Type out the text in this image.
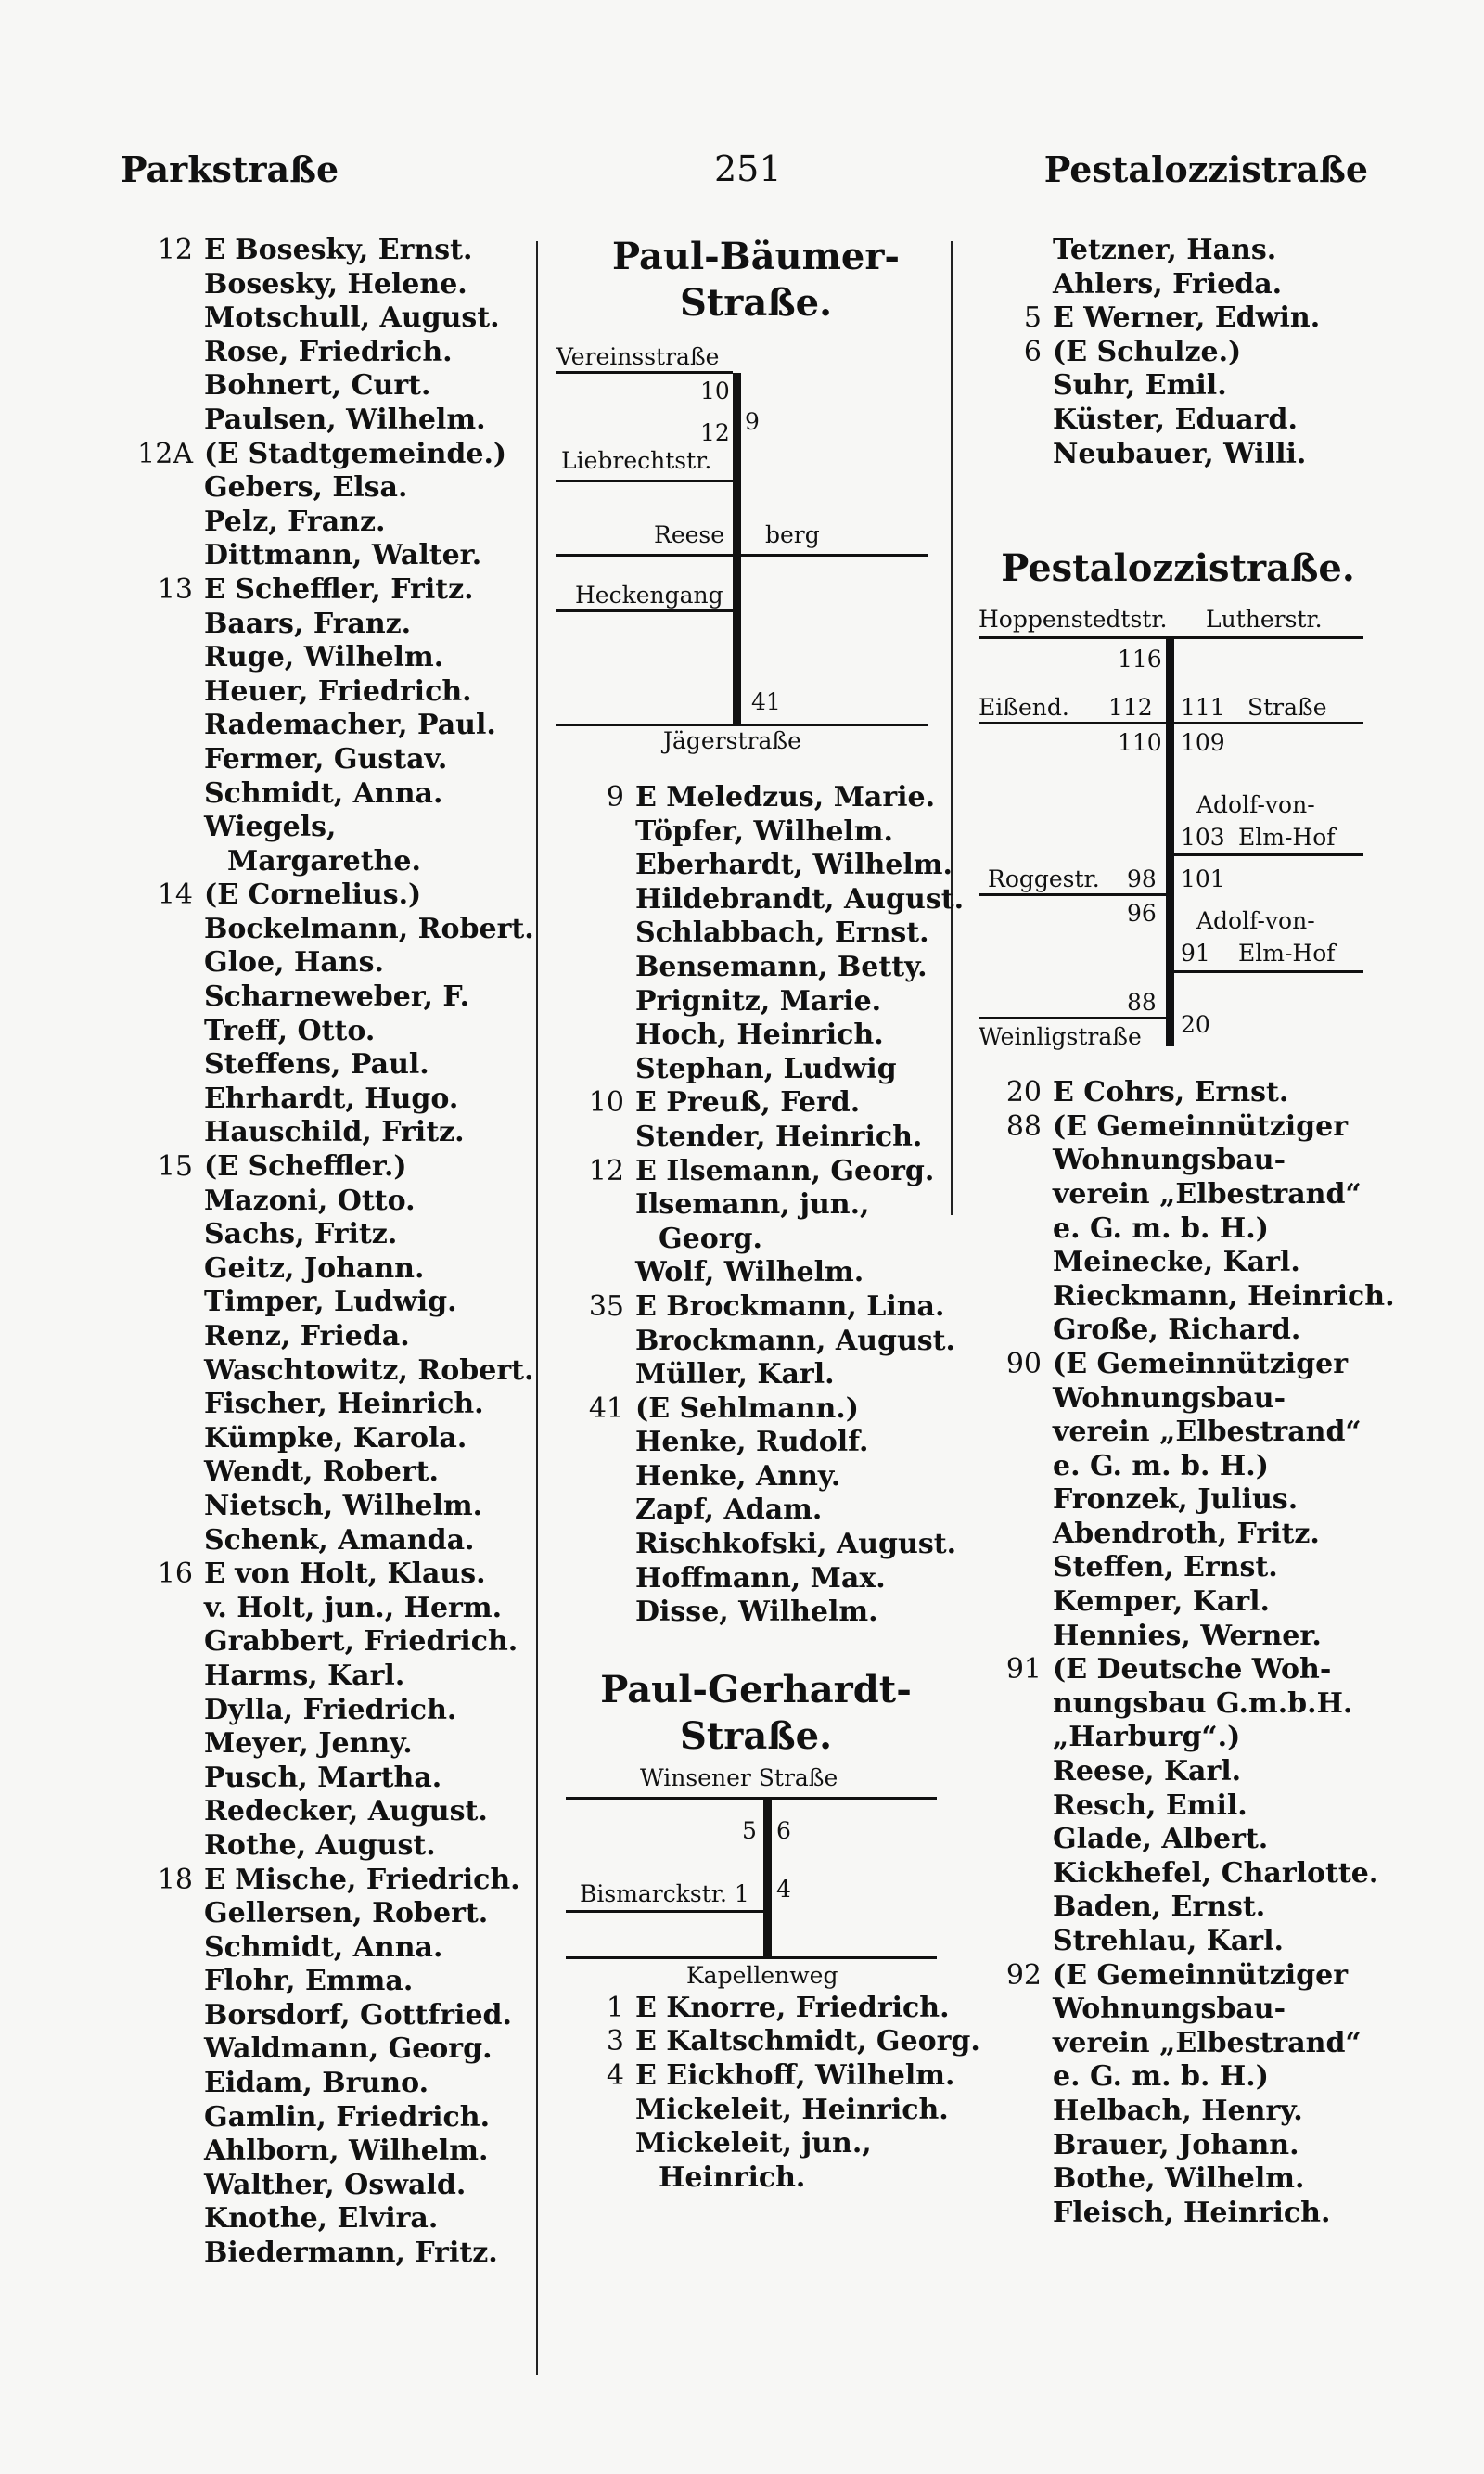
Parkstraße	251	Pestalozzistraße
12 E Bosesky, Ernst.
Bosesky, Helene.
Motschull, August.
Rose, Friedrich.
Bohnert, Curt.
Paulsen, Wilhelm.
12A (E Stadtgemeinde.)
Gebers, Elsa.
Pelz, Franz.
Dittmann, Walter.
13 E Scheffler, Fritz.
Baars, Franz.
Ruge, Wilhelm.
Heuer, Friedrich.
Rademacher, Paul.
Fermer, Gustav.
Schmidt, Anna.
Wiegels,
Margarethe.
14 (E Cornelius.)
Bockelmann, Robert.
Gloe, Hans.
Scharneweber, F.
Treff, Otto.
Steffens, Paul.
Ehrhardt, Hugo.
Hauschild, Fritz.
15 (E Scheffler.)
Mazoni, Otto.
Sachs, Fritz.
Geitz, Johann.
Timper, Ludwig.
Renz, Frieda.
Waschtowitz, Robert.
Fischer, Heinrich.
Kümpke, Karola.
Wendt, Robert.
Nietsch, Wilhelm.
Schenk, Amanda.
16 E von Holt, Klaus.
v. Holt, jun., Herm.
Grabbert, Friedrich.
Harms, Karl.
Dylla, Friedrich.
Meyer, Jenny.
Pusch, Martha.
Redecker, August.
Rothe, August.
18 E Mische, Friedrich.
Gellersen, Robert.
Schmidt, Anna.
Flohr, Emma.
Borsdorf, Gottfried.
Waldmann, Georg.
Eidam, Bruno.
Gamlin, Friedrich.
Ahlborn, Wilhelm.
Walther, Oswald.
Knothe, Elvira.
Biedermann, Fritz.
Paul-Bäumer-
Straße.
Vereinsstraße
10
9
12
Liebrechtstr.
Reese berg
Heckengang
41
Jägerstraße
9 E Meledzus, Marie.
Töpfer, Wilhelm.
Eberhardt, Wilhelm.
Hildebrandt, August.
Schlabbach, Ernst.
Bensemann, Betty.
Prignitz, Marie.
Hoch, Heinrich.
Stephan, Ludwig
10 E Preuß, Ferd.
Stender, Heinrich.
12 E Ilsemann, Georg.
Ilsemann, jun.,
Georg.
Wolf, Wilhelm.
35 E Brockmann, Lina.
Brockmann, August.
Müller, Karl.
41 (E Sehlmann.)
Henke, Rudolf.
Henke, Anny.
Zapf, Adam.
Rischkofski, August.
Hoffmann, Max.
Disse, Wilhelm.
Paul-Gerhardt-
Straße.
Winsener Straße
5 6
Bismarckstr. 1 4
Kapellenweg
1 E Knorre, Friedrich.
3 E Kaltschmidt, Georg.
4 E Eickhoff, Wilhelm.
Mickeleit, Heinrich.
Mickeleit, jun.,
Heinrich.
Tetzner, Hans.
Ahlers, Frieda.
5 E Werner, Edwin.
6 (E Schulze.)
Suhr, Emil.
Küster, Eduard.
Neubauer, Willi.
Pestalozzistraße.
Hoppenstedtstr. Lutherstr.
116
Eißend. 112 111 Straße
110 109
Adolf-von-
103 Elm-Hof
Roggestr. 98 101
96 Adolf-von-
91 Elm-Hof
88
Weinligstraße 20
20 E Cohrs, Ernst.
88 (E Gemeinnütziger
Wohnungsbau-
verein „Elbestrand“
e. G. m. b. H.)
Meinecke, Karl.
Rieckmann, Heinrich.
Große, Richard.
90 (E Gemeinnütziger
Wohnungsbau-
verein „Elbestrand“
e. G. m. b. H.)
Fronzek, Julius.
Abendroth, Fritz.
Steffen, Ernst.
Kemper, Karl.
Hennies, Werner.
91 (E Deutsche Woh-
nungsbau G.m.b.H.
„Harburg“.)
Reese, Karl.
Resch, Emil.
Glade, Albert.
Kickhefel, Charlotte.
Baden, Ernst.
Strehlau, Karl.
92 (E Gemeinnütziger
Wohnungsbau-
verein „Elbestrand“
e. G. m. b. H.)
Helbach, Henry.
Brauer, Johann.
Bothe, Wilhelm.
Fleisch, Heinrich.
